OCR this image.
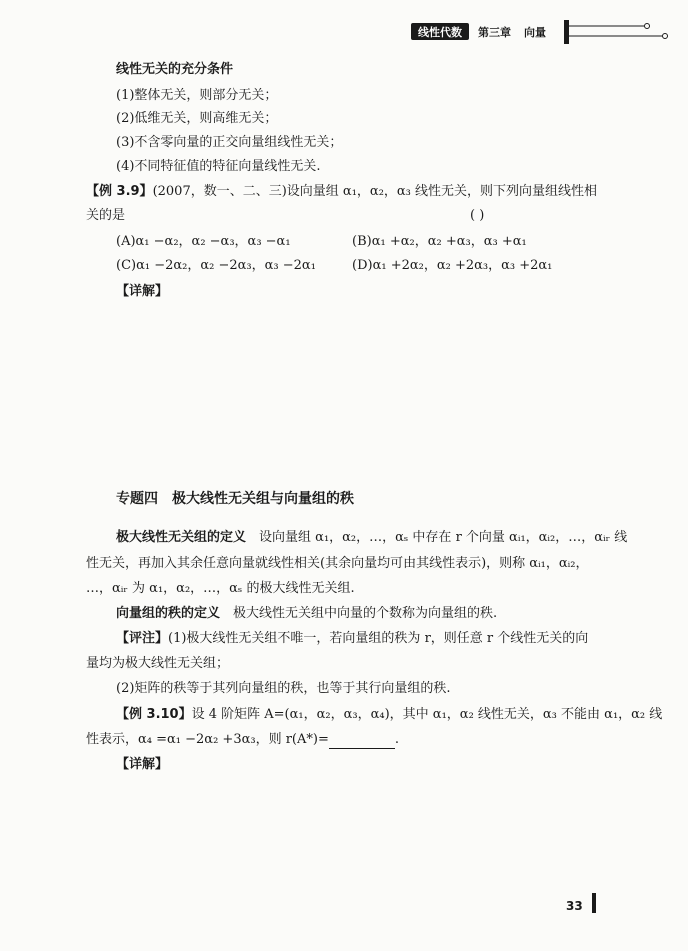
线性代数	第三章 向量
线性无关的充分条件
(1)整体无关，则部分无关；
(2)低维无关，则高维无关；
(3)不含零向量的正交向量组线性无关；
(4)不同特征值的特征向量线性无关.
【例 3.9】(2007，数一、二、三)设向量组 α₁，α₂，α₃ 线性无关，则下列向量组线性相
关的是	( )
(A)α₁ −α₂，α₂ −α₃，α₃ −α₁	(B)α₁ +α₂，α₂ +α₃，α₃ +α₁
(C)α₁ −2α₂，α₂ −2α₃，α₃ −2α₁	(D)α₁ +2α₂，α₂ +2α₃，α₃ +2α₁
【详解】
专题四　极大线性无关组与向量组的秩
极大线性无关组的定义　 设向量组 α₁，α₂，…，αₛ 中存在 r 个向量 αᵢ₁，αᵢ₂，…，αᵢᵣ 线
性无关，再加入其余任意向量就线性相关(其余向量均可由其线性表示)，则称 αᵢ₁，αᵢ₂，
…，αᵢᵣ 为 α₁，α₂，…，αₛ 的极大线性无关组.
向量组的秩的定义　 极大线性无关组中向量的个数称为向量组的秩.
【评注】(1)极大线性无关组不唯一，若向量组的秩为 r，则任意 r 个线性无关的向
量均为极大线性无关组；
(2)矩阵的秩等于其列向量组的秩，也等于其行向量组的秩.
【例 3.10】设 4 阶矩阵 A=(α₁，α₂，α₃，α₄)，其中 α₁，α₂ 线性无关，α₃ 不能由 α₁，α₂ 线
性表示，α₄ =α₁ −2α₂ +3α₃，则 r(A*)=	.
【详解】
33
